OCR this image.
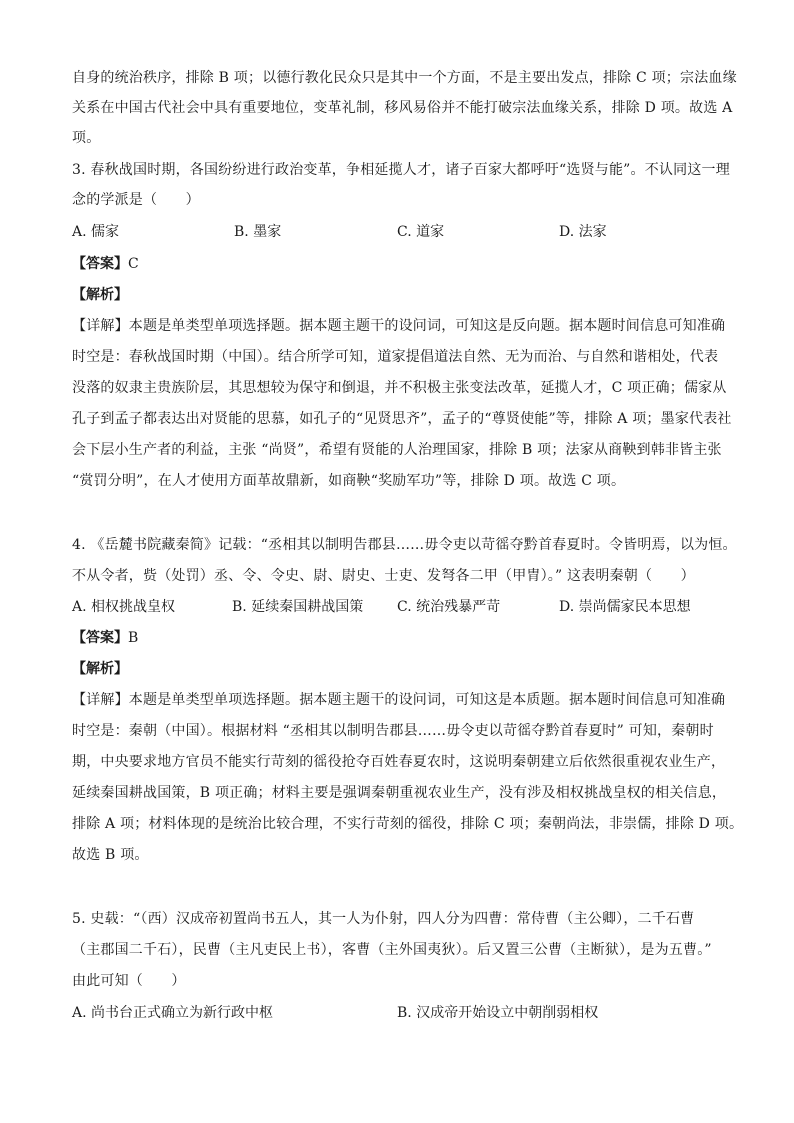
自身的统治秩序，排除 B 项；以德行教化民众只是其中一个方面，不是主要出发点，排除 C 项；宗法血缘
关系在中国古代社会中具有重要地位，变革礼制，移风易俗并不能打破宗法血缘关系，排除 D 项。故选 A
项。
3. 春秋战国时期，各国纷纷进行政治变革，争相延揽人才，诸子百家大都呼吁“选贤与能”。不认同这一理
念的学派是（　　）
A. 儒家	B. 墨家	C. 道家	D. 法家
【答案】C
【解析】
【详解】本题是单类型单项选择题。据本题主题干的设问词，可知这是反向题。据本题时间信息可知准确
时空是：春秋战国时期（中国）。结合所学可知，道家提倡道法自然、无为而治、与自然和谐相处，代表
没落的奴隶主贵族阶层，其思想较为保守和倒退，并不积极主张变法改革，延揽人才，C 项正确；儒家从
孔子到孟子都表达出对贤能的思慕，如孔子的“见贤思齐”，孟子的“尊贤使能”等，排除 A 项；墨家代表社
会下层小生产者的利益，主张 “尚贤”，希望有贤能的人治理国家，排除 B 项；法家从商鞅到韩非皆主张
“赏罚分明”，在人才使用方面革故鼎新，如商鞅“奖励军功”等，排除 D 项。故选 C 项。
4. 《岳麓书院藏秦简》记载：“丞相其以制明告郡县……毋令吏以苛徭夺黔首春夏时。令皆明焉，以为恒。
不从令者，赀（处罚）丞、令、令史、尉、尉史、士吏、发弩各二甲（甲胄）。” 这表明秦朝（　　）
A. 相权挑战皇权	B. 延续秦国耕战国策 C. 统治残暴严苛	D. 崇尚儒家民本思想
【答案】B
【解析】
【详解】本题是单类型单项选择题。据本题主题干的设问词，可知这是本质题。据本题时间信息可知准确
时空是：秦朝（中国）。根据材料 “丞相其以制明告郡县……毋令吏以苛徭夺黔首春夏时” 可知，秦朝时
期，中央要求地方官员不能实行苛刻的徭役抢夺百姓春夏农时，这说明秦朝建立后依然很重视农业生产，
延续秦国耕战国策，B 项正确；材料主要是强调秦朝重视农业生产，没有涉及相权挑战皇权的相关信息，
排除 A 项；材料体现的是统治比较合理，不实行苛刻的徭役，排除 C 项；秦朝尚法，非崇儒，排除 D 项。
故选 B 项。
5. 史载：“（西）汉成帝初置尚书五人，其一人为仆射，四人分为四曹：常侍曹（主公卿），二千石曹
（主郡国二千石），民曹（主凡吏民上书），客曹（主外国夷狄）。后又置三公曹（主断狱），是为五曹。”
由此可知（　　）
A. 尚书台正式确立为新行政中枢	B. 汉成帝开始设立中朝削弱相权
